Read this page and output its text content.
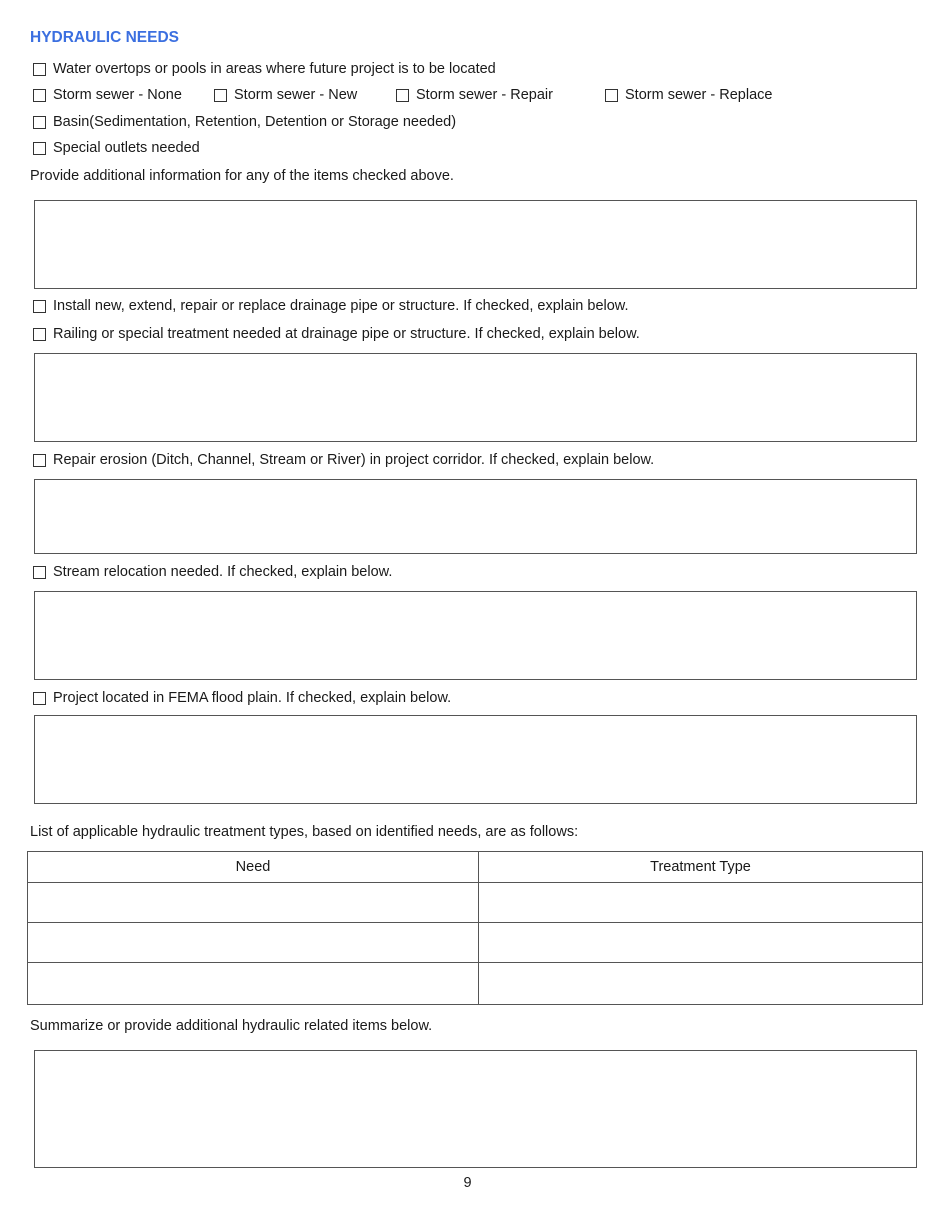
HYDRAULIC NEEDS
Water overtops or pools in areas where future project is to be located
Storm sewer - None	Storm sewer - New	Storm sewer - Repair	Storm sewer - Replace
Basin(Sedimentation, Retention, Detention or Storage needed)
Special outlets needed
Provide additional information for any of the items checked above.
Install new, extend, repair or replace drainage pipe or structure. If checked, explain below.
Railing or special treatment needed at drainage pipe or structure. If checked, explain below.
Repair erosion (Ditch, Channel, Stream or River) in project corridor. If checked, explain below.
Stream relocation needed. If checked, explain below.
Project located in FEMA flood plain. If checked, explain below.
List of applicable hydraulic treatment types, based on identified needs, are as follows:
Need	Treatment Type

Summarize or provide additional hydraulic related items below.
9
